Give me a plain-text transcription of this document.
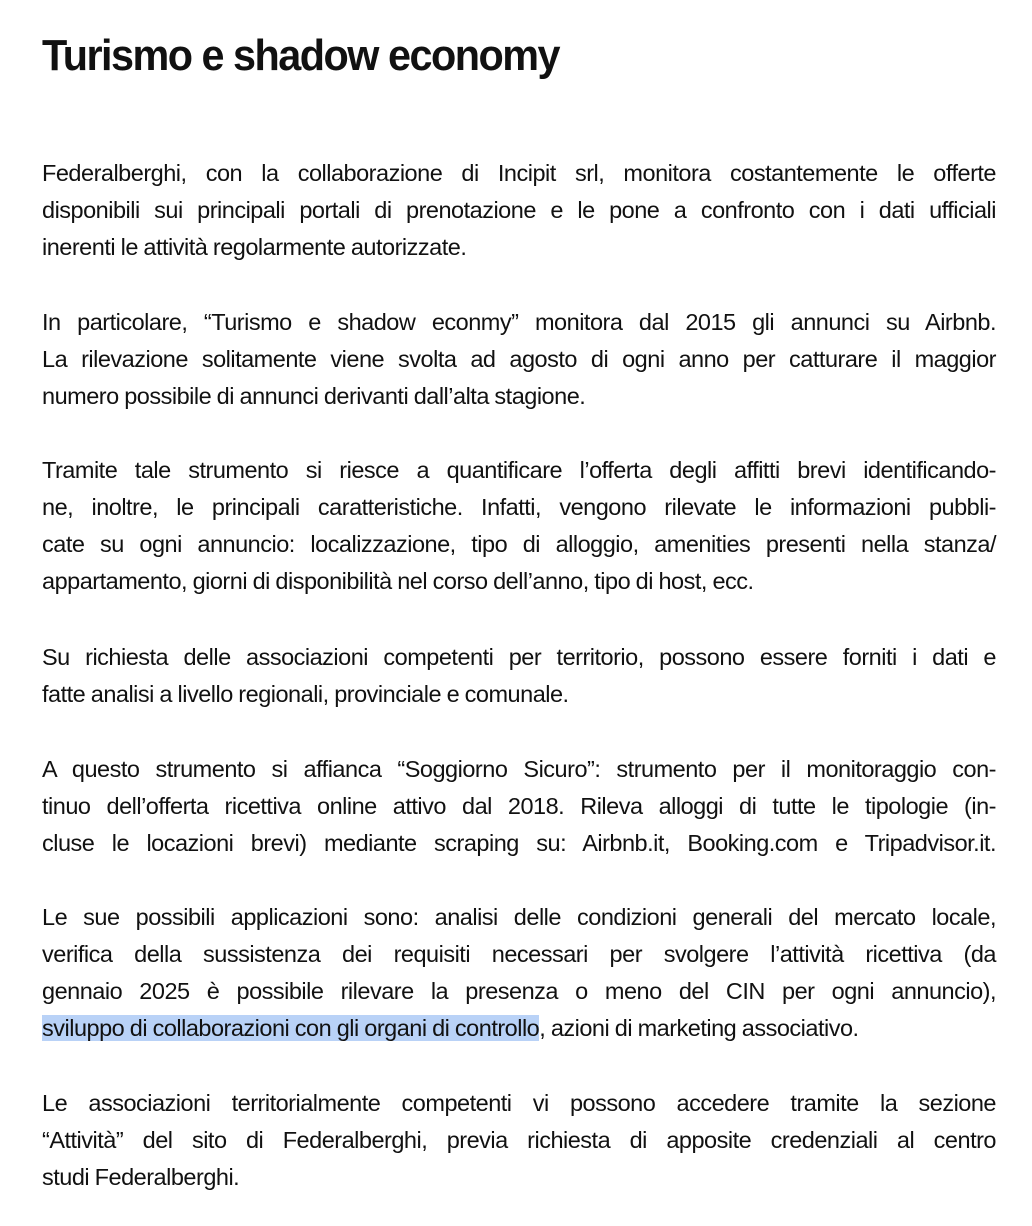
Turismo e shadow economy
Federalberghi, con la collaborazione di Incipit srl, monitora costantemente le offerte
disponibili sui principali portali di prenotazione e le pone a confronto con i dati ufficiali
inerenti le attività regolarmente autorizzate.
In particolare, “Turismo e shadow econmy” monitora dal 2015 gli annunci su Airbnb.
La rilevazione solitamente viene svolta ad agosto di ogni anno per catturare il maggior
numero possibile di annunci derivanti dall’alta stagione.
Tramite tale strumento si riesce a quantificare l’offerta degli affitti brevi identificando-
ne, inoltre, le principali caratteristiche. Infatti, vengono rilevate le informazioni pubbli-
cate su ogni annuncio: localizzazione, tipo di alloggio, amenities presenti nella stanza/
appartamento, giorni di disponibilità nel corso dell’anno, tipo di host, ecc.
Su richiesta delle associazioni competenti per territorio, possono essere forniti i dati e
fatte analisi a livello regionali, provinciale e comunale.
A questo strumento si affianca “Soggiorno Sicuro”: strumento per il monitoraggio con-
tinuo dell’offerta ricettiva online attivo dal 2018. Rileva alloggi di tutte le tipologie (in-
cluse le locazioni brevi) mediante scraping su: Airbnb.it, Booking.com e Tripadvisor.it.
Le sue possibili applicazioni sono: analisi delle condizioni generali del mercato locale,
verifica della sussistenza dei requisiti necessari per svolgere l’attività ricettiva (da
gennaio 2025 è possibile rilevare la presenza o meno del CIN per ogni annuncio),
sviluppo di collaborazioni con gli organi di controllo, azioni di marketing associativo.
Le associazioni territorialmente competenti vi possono accedere tramite la sezione
“Attività” del sito di Federalberghi, previa richiesta di apposite credenziali al centro
studi Federalberghi.
